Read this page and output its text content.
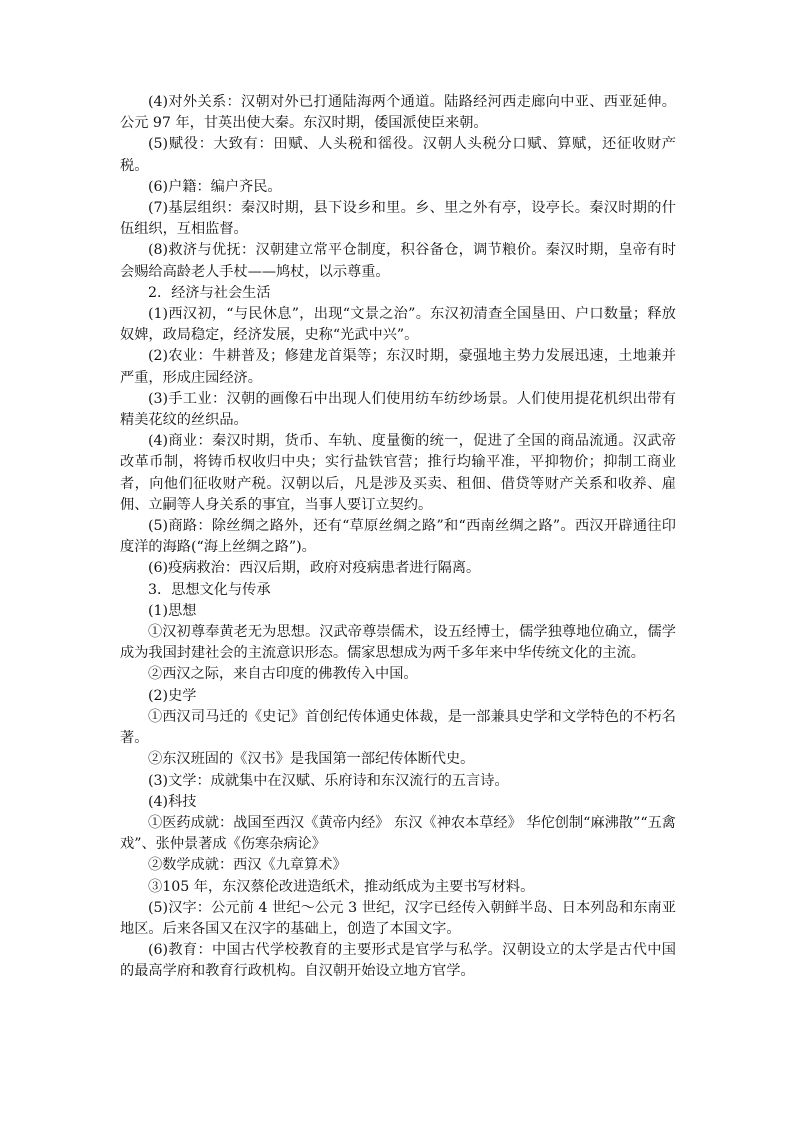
(4)对外关系：汉朝对外已打通陆海两个通道。陆路经河西走廊向中亚、西亚延伸。公元 97 年，甘英出使大秦。东汉时期，倭国派使臣来朝。

(5)赋役：大致有：田赋、人头税和徭役。汉朝人头税分口赋、算赋，还征收财产税。

(6)户籍：编户齐民。

(7)基层组织：秦汉时期，县下设乡和里。乡、里之外有亭，设亭长。秦汉时期的什伍组织，互相监督。

(8)救济与优抚：汉朝建立常平仓制度，积谷备仓，调节粮价。秦汉时期，皇帝有时会赐给高龄老人手杖——鸠杖，以示尊重。

2．经济与社会生活

(1)西汉初，“与民休息”，出现“文景之治”。东汉初清查全国垦田、户口数量；释放奴婢，政局稳定，经济发展，史称“光武中兴”。

(2)农业：牛耕普及；修建龙首渠等；东汉时期，豪强地主势力发展迅速，土地兼并严重，形成庄园经济。

(3)手工业：汉朝的画像石中出现人们使用纺车纺纱场景。人们使用提花机织出带有精美花纹的丝织品。

(4)商业：秦汉时期，货币、车轨、度量衡的统一，促进了全国的商品流通。汉武帝改革币制，将铸币权收归中央；实行盐铁官营；推行均输平准，平抑物价；抑制工商业者，向他们征收财产税。汉朝以后，凡是涉及买卖、租佃、借贷等财产关系和收养、雇佣、立嗣等人身关系的事宜，当事人要订立契约。

(5)商路：除丝绸之路外，还有“草原丝绸之路”和“西南丝绸之路”。西汉开辟通往印度洋的海路(“海上丝绸之路”)。

(6)疫病救治：西汉后期，政府对疫病患者进行隔离。

3．思想文化与传承

(1)思想

①汉初尊奉黄老无为思想。汉武帝尊崇儒术，设五经博士，儒学独尊地位确立，儒学成为我国封建社会的主流意识形态。儒家思想成为两千多年来中华传统文化的主流。

②西汉之际，来自古印度的佛教传入中国。

(2)史学

①西汉司马迁的《史记》首创纪传体通史体裁，是一部兼具史学和文学特色的不朽名著。

②东汉班固的《汉书》是我国第一部纪传体断代史。

(3)文学：成就集中在汉赋、乐府诗和东汉流行的五言诗。

(4)科技

①医药成就：战国至西汉《黄帝内经》 东汉《神农本草经》 华佗创制“麻沸散”“五禽戏”、张仲景著成《伤寒杂病论》

②数学成就：西汉《九章算术》

③105 年，东汉蔡伦改进造纸术，推动纸成为主要书写材料。

(5)汉字：公元前 4 世纪～公元 3 世纪，汉字已经传入朝鲜半岛、日本列岛和东南亚地区。后来各国又在汉字的基础上，创造了本国文字。

(6)教育：中国古代学校教育的主要形式是官学与私学。汉朝设立的太学是古代中国的最高学府和教育行政机构。自汉朝开始设立地方官学。
